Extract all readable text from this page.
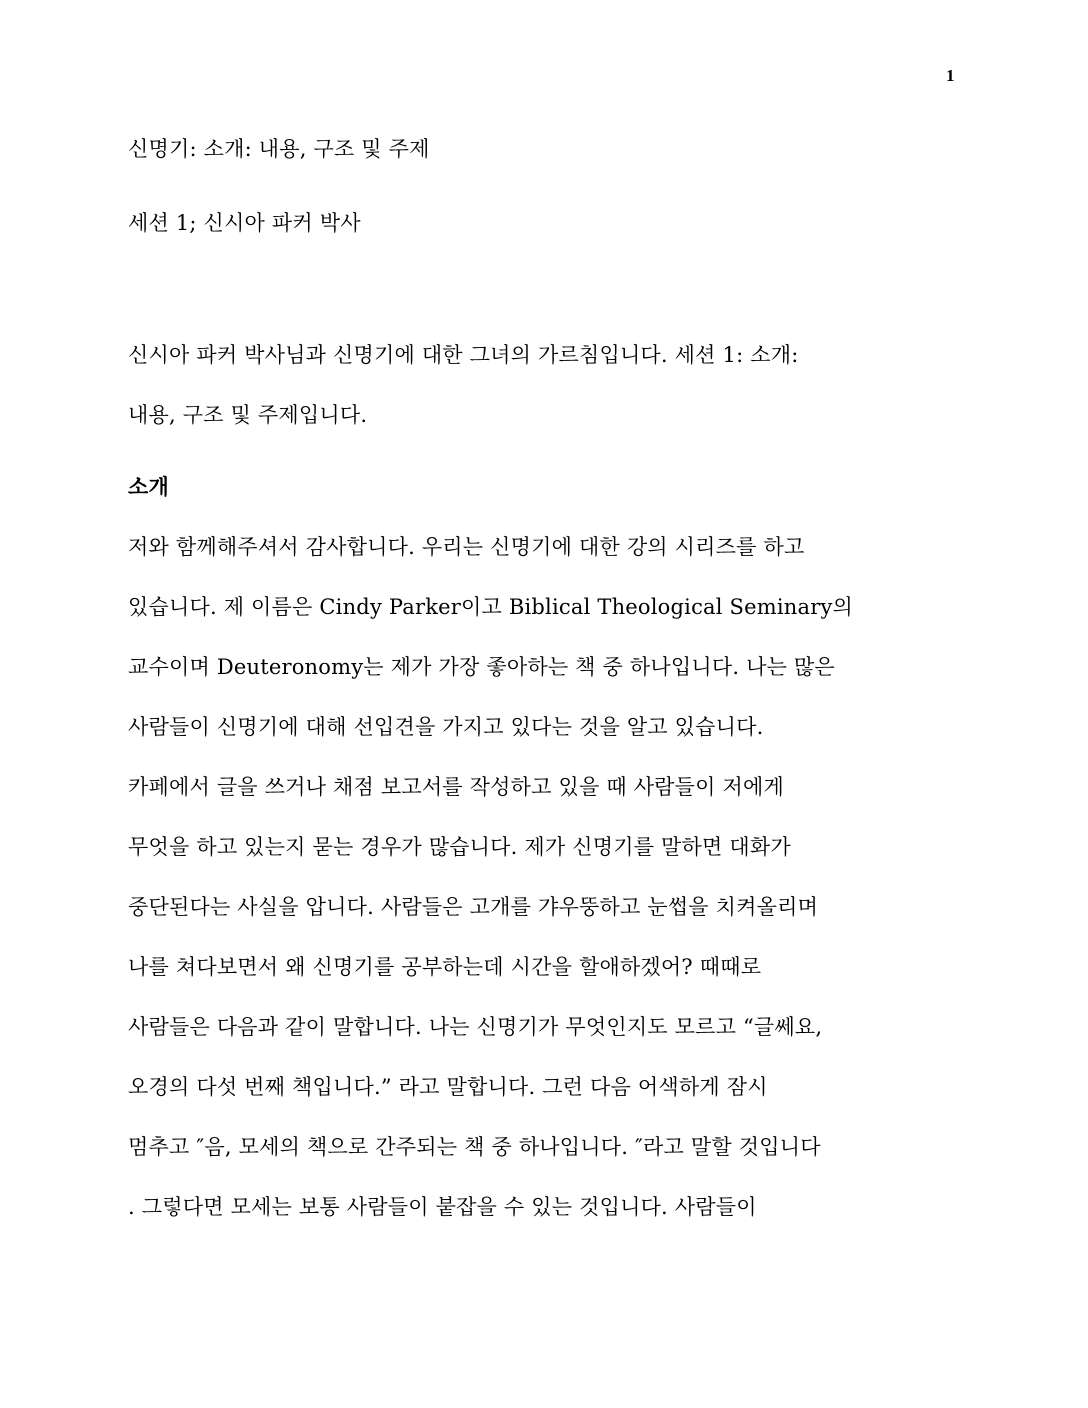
1
신명기: 소개: 내용, 구조 및 주제
세션 1; 신시아 파커 박사
신시아 파커 박사님과 신명기에 대한 그녀의 가르침입니다. 세션 1: 소개:
내용, 구조 및 주제입니다.
소개
저와 함께해주셔서 감사합니다. 우리는 신명기에 대한 강의 시리즈를 하고
있습니다. 제 이름은 Cindy Parker이고 Biblical Theological Seminary의
교수이며 Deuteronomy는 제가 가장 좋아하는 책 중 하나입니다. 나는 많은
사람들이 신명기에 대해 선입견을 가지고 있다는 것을 알고 있습니다.
카페에서 글을 쓰거나 채점 보고서를 작성하고 있을 때 사람들이 저에게
무엇을 하고 있는지 묻는 경우가 많습니다. 제가 신명기를 말하면 대화가
중단된다는 사실을 압니다. 사람들은 고개를 갸우뚱하고 눈썹을 치켜올리며
나를 쳐다보면서 왜 신명기를 공부하는데 시간을 할애하겠어? 때때로
사람들은 다음과 같이 말합니다. 나는 신명기가 무엇인지도 모르고 “글쎄요,
오경의 다섯 번째 책입니다.” 라고 말합니다. 그런 다음 어색하게 잠시
멈추고 ″음, 모세의 책으로 간주되는 책 중 하나입니다. ″라고 말할 것입니다
. 그렇다면 모세는 보통 사람들이 붙잡을 수 있는 것입니다. 사람들이
